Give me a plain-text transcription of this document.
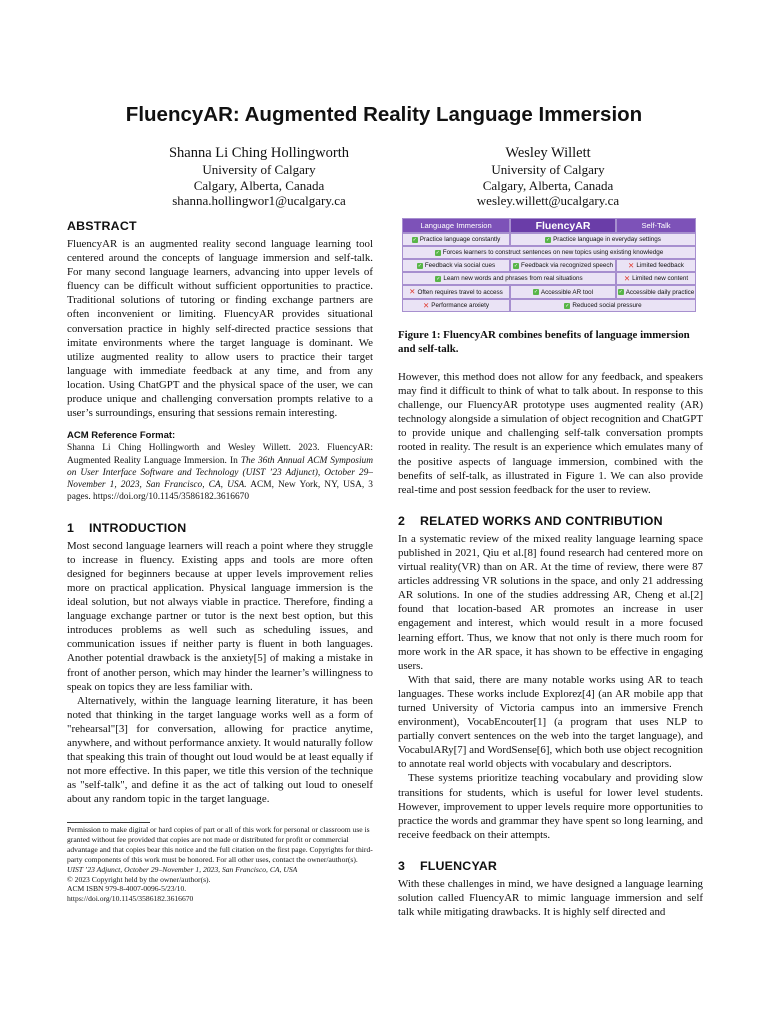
FluencyAR: Augmented Reality Language Immersion
Shanna Li Ching Hollingworth
University of Calgary
Calgary, Alberta, Canada
shanna.hollingwor1@ucalgary.ca
Wesley Willett
University of Calgary
Calgary, Alberta, Canada
wesley.willett@ucalgary.ca
ABSTRACT

FluencyAR is an augmented reality second language learning tool centered around the concepts of language immersion and self-talk. For many second language learners, advancing into upper levels of fluency can be difficult without sufficient opportunities to practice. Traditional solutions of tutoring or finding exchange partners are often inconvenient or limiting. FluencyAR provides situational conversation practice in highly self-directed practice sessions that imitate environments where the target language is dominant. We utilize augmented reality to allow users to practice their target language with immediate feedback at any time, and from any location. Using ChatGPT and the physical space of the user, we can produce unique and challenging conversation prompts relative to a user’s surroundings, ensuring that sessions remain interesting.

ACM Reference Format:
Shanna Li Ching Hollingworth and Wesley Willett. 2023. FluencyAR: Augmented Reality Language Immersion. In The 36th Annual ACM Symposium on User Interface Software and Technology (UIST ’23 Adjunct), October 29–November 1, 2023, San Francisco, CA, USA. ACM, New York, NY, USA, 3 pages. https://doi.org/10.1145/3586182.3616670
1 INTRODUCTION

Most second language learners will reach a point where they struggle to increase in fluency. Existing apps and tools are more often designed for beginners because at upper levels improvement relies more on practical application. Physical language immersion is the ideal solution, but not always viable in practice. Therefore, finding a language exchange partner or tutor is the next best option, but this introduces problems as well such as scheduling issues, and communication issues if neither party is fluent in both languages. Another potential drawback is the anxiety[5] of making a mistake in front of another person, which may hinder the learner’s willingness to speak on topics they are less familiar with.

Alternatively, within the language learning literature, it has been noted that thinking in the target language works well as a form of "rehearsal"[3] for conversation, allowing for practice anytime, anywhere, and without performance anxiety. It would naturally follow that speaking this train of thought out loud would be at least equally if not more effective. In this paper, we title this version of the technique as "self-talk", and define it as the act of talking out loud to oneself about any random topic in the target language.

Permission to make digital or hard copies of part or all of this work for personal or classroom use is granted without fee provided that copies are not made or distributed for profit or commercial advantage and that copies bear this notice and the full citation on the first page. Copyrights for third-party components of this work must be honored. For all other uses, contact the owner/author(s).
UIST ’23 Adjunct, October 29–November 1, 2023, San Francisco, CA, USA
© 2023 Copyright held by the owner/author(s).
ACM ISBN 979-8-4007-0096-5/23/10.
https://doi.org/10.1145/3586182.3616670
Language Immersion	FluencyAR	Self-Talk
✓ Practice language constantly	✓ Practice language in everyday settings
✓ Forces learners to construct sentences on new topics using existing knowledge
✓ Feedback via social cues	✓ Feedback via recognized speech ✕ Limited feedback
✓ Learn new words and phrases from real situations	✕ Limited new content
✕ Often requires travel to access	✓ Accessible AR tool	✓ Accessible daily practice
✕ Performance anxiety	✓ Reduced social pressure
Figure 1: FluencyAR combines benefits of language immersion and self-talk.

However, this method does not allow for any feedback, and speakers may find it difficult to think of what to talk about. In response to this challenge, our FluencyAR prototype uses augmented reality (AR) technology alongside a simulation of object recognition and ChatGPT to provide unique and challenging self-talk conversation prompts rooted in reality. The result is an experience which emulates many of the positive aspects of language immersion, combined with the benefits of self-talk, as illustrated in Figure 1. We can also provide real-time and post session feedback for the user to review.

2 RELATED WORKS AND CONTRIBUTION

In a systematic review of the mixed reality language learning space published in 2021, Qiu et al.[8] found research had centered more on virtual reality(VR) than on AR. At the time of review, there were 87 articles addressing VR solutions in the space, and only 21 addressing AR solutions. In one of the studies addressing AR, Cheng et al.[2] found that location-based AR promotes an increase in user engagement and interest, which would result in a more focused learning effort. Thus, we know that not only is there much room for more work in the AR space, it has shown to be effective in engaging users.

With that said, there are many notable works using AR to teach languages. These works include Explorez[4] (an AR mobile app that turned University of Victoria campus into an immersive French environment), VocabEncouter[1] (a program that uses NLP to partially convert sentences on the web into the target language), and VocabulARy[7] and WordSense[6], which both use object recognition to annotate real world objects with vocabulary and descriptors.

These systems prioritize teaching vocabulary and providing slow transitions for students, which is useful for lower level students. However, improvement to upper levels require more opportunities to practice the words and grammar they have spent so long learning, and receive feedback on their attempts.

3 FLUENCYAR

With these challenges in mind, we have designed a language learning solution called FluencyAR to mimic language immersion and self talk while mitigating drawbacks. It is highly self directed and
